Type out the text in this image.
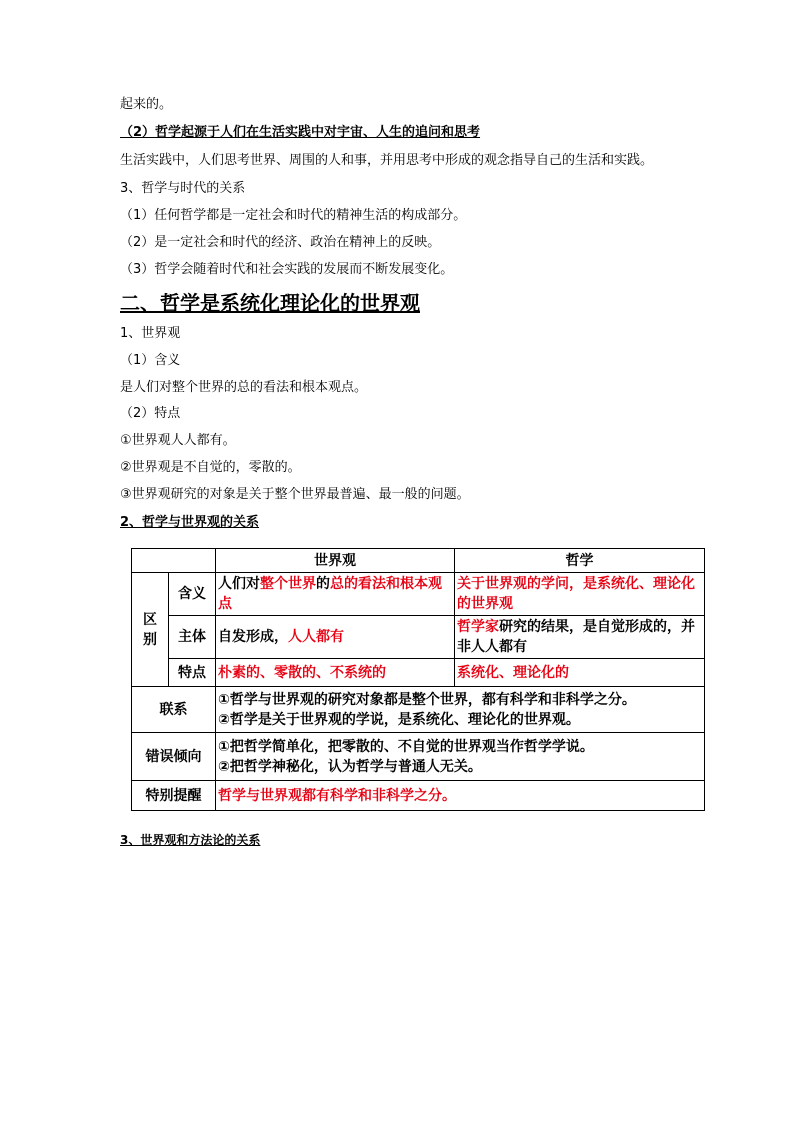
起来的。
（2）哲学起源于人们在生活实践中对宇宙、人生的追问和思考
生活实践中，人们思考世界、周围的人和事，并用思考中形成的观念指导自己的生活和实践。
3、哲学与时代的关系
（1）任何哲学都是一定社会和时代的精神生活的构成部分。
（2）是一定社会和时代的经济、政治在精神上的反映。
（3）哲学会随着时代和社会实践的发展而不断发展变化。
二、哲学是系统化理论化的世界观
1、世界观
（1）含义
是人们对整个世界的总的看法和根本观点。
（2）特点
①世界观人人都有。
②世界观是不自觉的，零散的。
③世界观研究的对象是关于整个世界最普遍、最一般的问题。
2、哲学与世界观的关系
		世界观	哲学
区别	含义	人们对整个世界的总的看法和根本观点	关于世界观的学问，是系统化、理论化的世界观
	主体	自发形成，人人都有	哲学家研究的结果，是自觉形成的，并非人人都有
	特点	朴素的、零散的、不系统的	系统化、理论化的
联系		①哲学与世界观的研究对象都是整个世界，都有科学和非科学之分。
②哲学是关于世界观的学说，是系统化、理论化的世界观。	

错误倾向		①把哲学简单化，把零散的、不自觉的世界观当作哲学学说。
②把哲学神秘化，认为哲学与普通人无关。	

特别提醒		哲学与世界观都有科学和非科学之分。	
3、世界观和方法论的关系
